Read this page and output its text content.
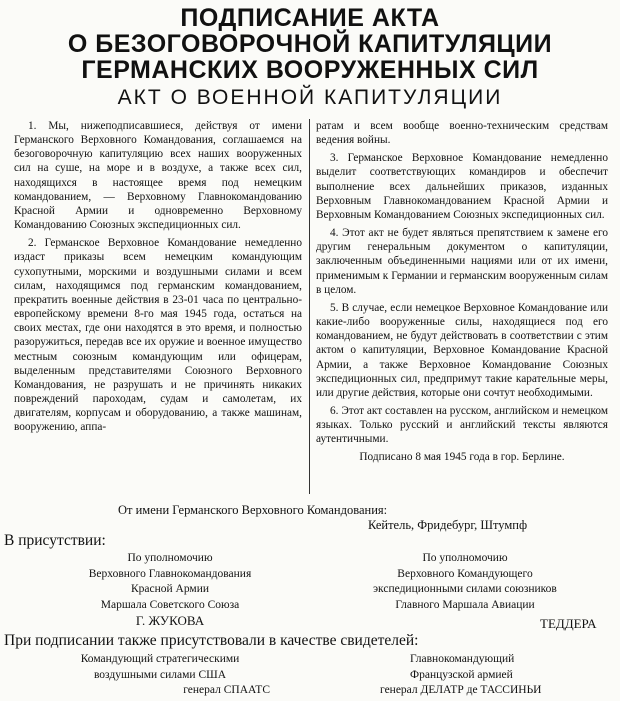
ПОДПИСАНИЕ АКТА
О БЕЗОГОВОРОЧНОЙ КАПИТУЛЯЦИИ
ГЕРМАНСКИХ ВООРУЖЕННЫХ СИЛ
АКТ О ВОЕННОЙ КАПИТУЛЯЦИИ

1. Мы, нижеподписавшиеся, действуя от имени Германского Верховного Командования, соглашаемся на безоговорочную капитуляцию всех наших вооруженных сил на суше, на море и в воздухе, а также всех сил, находящихся в настоящее время под немецким командованием, — Верховному Главнокомандованию Красной Армии и одновременно Верховному Командованию Союзных экспедиционных сил.

2. Германское Верховное Командование немедленно издаст приказы всем немецким командующим сухопутными, морскими и воздушными силами и всем силам, находящимся под германским командованием, прекратить военные действия в 23-01 часа по центрально-европейскому времени 8-го мая 1945 года, остаться на своих местах, где они находятся в это время, и полностью разоружиться, передав все их оружие и военное имущество местным союзным командующим или офицерам, выделенным представителями Союзного Верховного Командования, не разрушать и не причинять никаких повреждений пароходам, судам и самолетам, их двигателям, корпусам и оборудованию, а также машинам, вооружению, аппа-

ратам и всем вообще военно-техническим средствам ведения войны.

3. Германское Верховное Командование немедленно выделит соответствующих командиров и обеспечит выполнение всех дальнейших приказов, изданных Верховным Главнокомандованием Красной Армии и Верховным Командованием Союзных экспедиционных сил.

4. Этот акт не будет являться препятствием к замене его другим генеральным документом о капитуляции, заключенным объединенными нациями или от их имени, применимым к Германии и германским вооруженным силам в целом.

5. В случае, если немецкое Верховное Командование или какие-либо вооруженные силы, находящиеся под его командованием, не будут действовать в соответствии с этим актом о капитуляции, Верховное Командование Красной Армии, а также Верховное Командование Союзных экспедиционных сил, предпримут такие карательные меры, или другие действия, которые они сочтут необходимыми.

6. Этот акт составлен на русском, английском и немецком языках. Только русский и английский тексты являются аутентичными.

Подписано 8 мая 1945 года в гор. Берлине.

От имени Германского Верховного Командования:
Кейтель, Фридебург, Штумпф
В присутствии:
По уполномочию
Верховного Главнокомандования
Красной Армии
Маршала Советского Союза
Г. ЖУКОВА
По уполномочию
Верховного Командующего
экспедиционными силами союзников
Главного Маршала Авиации
ТЕДДЕРА
При подписании также присутствовали в качестве свидетелей:
Командующий стратегическими
воздушными силами США
генерал СПААТС
Главнокомандующий
Французской армией
генерал ДЕЛАТР де ТАССИНЬИ
